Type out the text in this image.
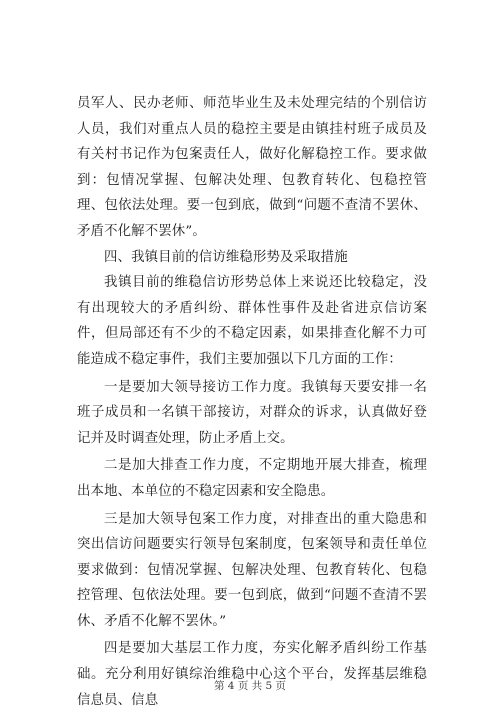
员军人、民办老师、师范毕业生及未处理完结的个别信访人员，我们对重点人员的稳控主要是由镇挂村班子成员及有关村书记作为包案责任人，做好化解稳控工作。要求做到：包情况掌握、包解决处理、包教育转化、包稳控管理、包依法处理。要一包到底，做到“问题不查清不罢休、矛盾不化解不罢休”。

四、我镇目前的信访维稳形势及采取措施

我镇目前的维稳信访形势总体上来说还比较稳定，没有出现较大的矛盾纠纷、群体性事件及赴省进京信访案件，但局部还有不少的不稳定因素，如果排查化解不力可能造成不稳定事件，我们主要加强以下几方面的工作：

一是要加大领导接访工作力度。我镇每天要安排一名班子成员和一名镇干部接访，对群众的诉求，认真做好登记并及时调查处理，防止矛盾上交。

二是加大排查工作力度，不定期地开展大排查，梳理出本地、本单位的不稳定因素和安全隐患。

三是加大领导包案工作力度，对排查出的重大隐患和突出信访问题要实行领导包案制度，包案领导和责任单位要求做到：包情况掌握、包解决处理、包教育转化、包稳控管理、包依法处理。要一包到底，做到“问题不查清不罢休、矛盾不化解不罢休。”

四是要加大基层工作力度，夯实化解矛盾纠纷工作基础。充分利用好镇综治维稳中心这个平台，发挥基层维稳信息员、信息

第 4 页 共 5 页
